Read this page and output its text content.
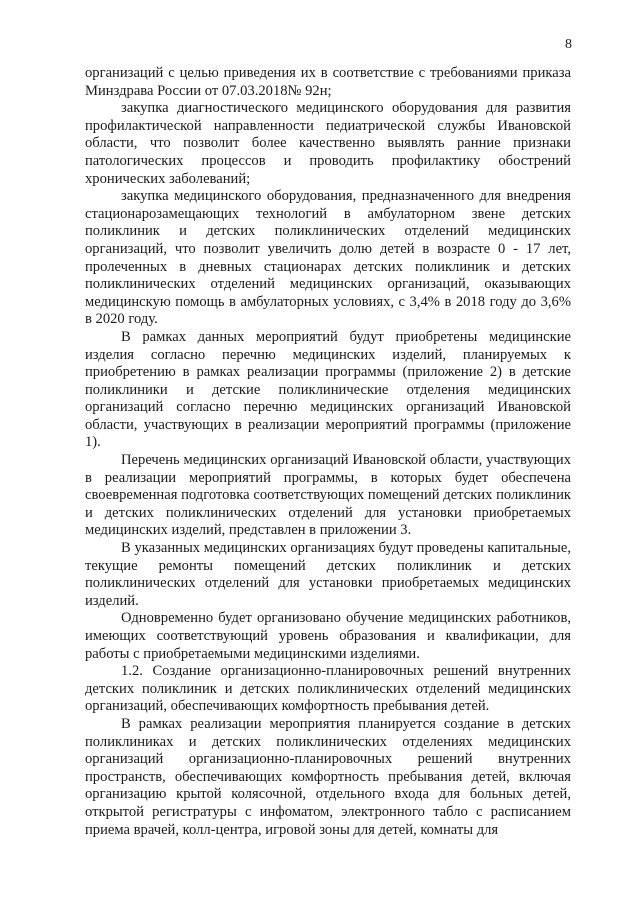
8

организаций с целью приведения их в соответствие с требованиями приказа Минздрава России от 07.03.2018№ 92н;

закупка диагностического медицинского оборудования для развития профилактической направленности педиатрической службы Ивановской области, что позволит более качественно выявлять ранние признаки патологических процессов и проводить профилактику обострений хронических заболеваний;

закупка медицинского оборудования, предназначенного для внедрения стационарозамещающих технологий в амбулаторном звене детских поликлиник и детских поликлинических отделений медицинских организаций, что позволит увеличить долю детей в возрасте 0 - 17 лет, пролеченных в дневных стационарах детских поликлиник и детских поликлинических отделений медицинских организаций, оказывающих медицинскую помощь в амбулаторных условиях, с 3,4% в 2018 году до 3,6% в 2020 году.

В рамках данных мероприятий будут приобретены медицинские изделия согласно перечню медицинских изделий, планируемых к приобретению в рамках реализации программы (приложение 2) в детские поликлиники и детские поликлинические отделения медицинских организаций согласно перечню медицинских организаций Ивановской области, участвующих в реализации мероприятий программы (приложение 1).

Перечень медицинских организаций Ивановской области, участвующих в реализации мероприятий программы, в которых будет обеспечена своевременная подготовка соответствующих помещений детских поликлиник и детских поликлинических отделений для установки приобретаемых медицинских изделий, представлен в приложении 3.

В указанных медицинских организациях будут проведены капитальные, текущие ремонты помещений детских поликлиник и детских поликлинических отделений для установки приобретаемых медицинских изделий.

Одновременно будет организовано обучение медицинских работников, имеющих соответствующий уровень образования и квалификации, для работы с приобретаемыми медицинскими изделиями.

1.2. Создание организационно-планировочных решений внутренних детских поликлиник и детских поликлинических отделений медицинских организаций, обеспечивающих комфортность пребывания детей.

В рамках реализации мероприятия планируется создание в детских поликлиниках и детских поликлинических отделениях медицинских организаций организационно-планировочных решений внутренних пространств, обеспечивающих комфортность пребывания детей, включая организацию крытой колясочной, отдельного входа для больных детей, открытой регистратуры с инфоматом, электронного табло с расписанием приема врачей, колл-центра, игровой зоны для детей, комнаты для
